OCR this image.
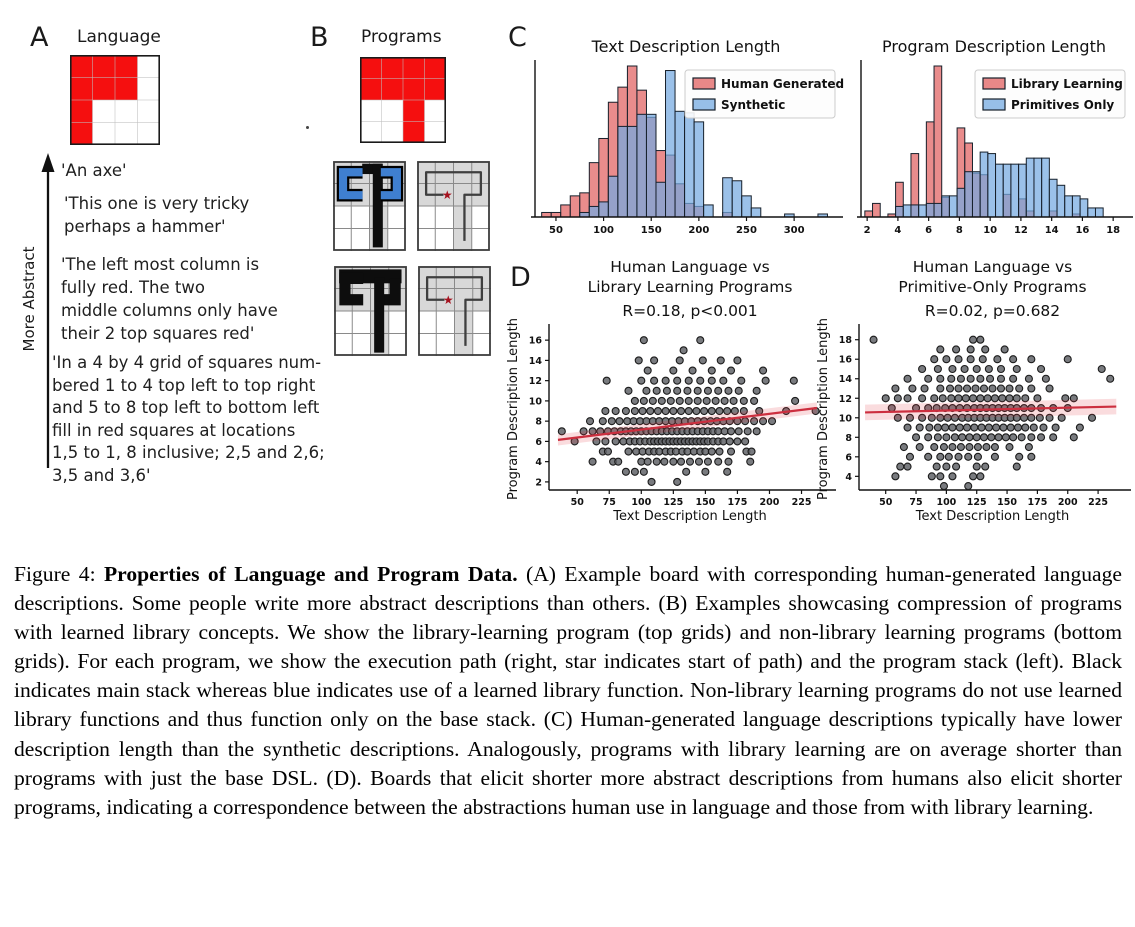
A Language
More Abstract
'An axe'
'This one is very tricky
perhaps a hammer'
'The left most column is
fully red. The two
middle columns only have
their 2 top squares red'
'In a 4 by 4 grid of squares num-
bered 1 to 4 top left to top right
and 5 to 8 top left to bottom left
fill in red squares at locations
1,5 to 1, 8 inclusive; 2,5 and 2,6;
3,5 and 3,6'
B Programs
★
★
C	Text Description Length
50	100	150	200	250	300
Human Generated
Synthetic
Program Description Length
2 4 6 8 10 12 14 16 18
Library Learning
Primitives Only
D	Human Language vs
Library Learning Programs
R=0.18, p<0.001
50 75 100 125 150 175 200 225
2
4
6
8
10
12
14
16
Text Description Length
Program Description Length
Human Language vs
Primitive-Only Programs
R=0.02, p=0.682
50 75 100 125 150 175 200 225
4
6
8
10
12
14
16
18
Text Description Length
Program Description Length
Figure 4: Properties of Language and Program Data. (A) Example board with corresponding human-generated language descriptions. Some people write more abstract descriptions than others. (B) Examples showcasing compression of programs with learned library concepts. We show the library-learning program (top grids) and non-library learning programs (bottom grids). For each program, we show the execution path (right, star indicates start of path) and the program stack (left). Black indicates main stack whereas blue indicates use of a learned library function. Non-library learning programs do not use learned library functions and thus function only on the base stack. (C) Human-generated language descriptions typically have lower description length than the synthetic descriptions. Analogously, programs with library learning are on average shorter than programs with just the base DSL. (D). Boards that elicit shorter more abstract descriptions from humans also elicit shorter programs, indicating a correspondence between the abstractions human use in language and those from with library learning.
